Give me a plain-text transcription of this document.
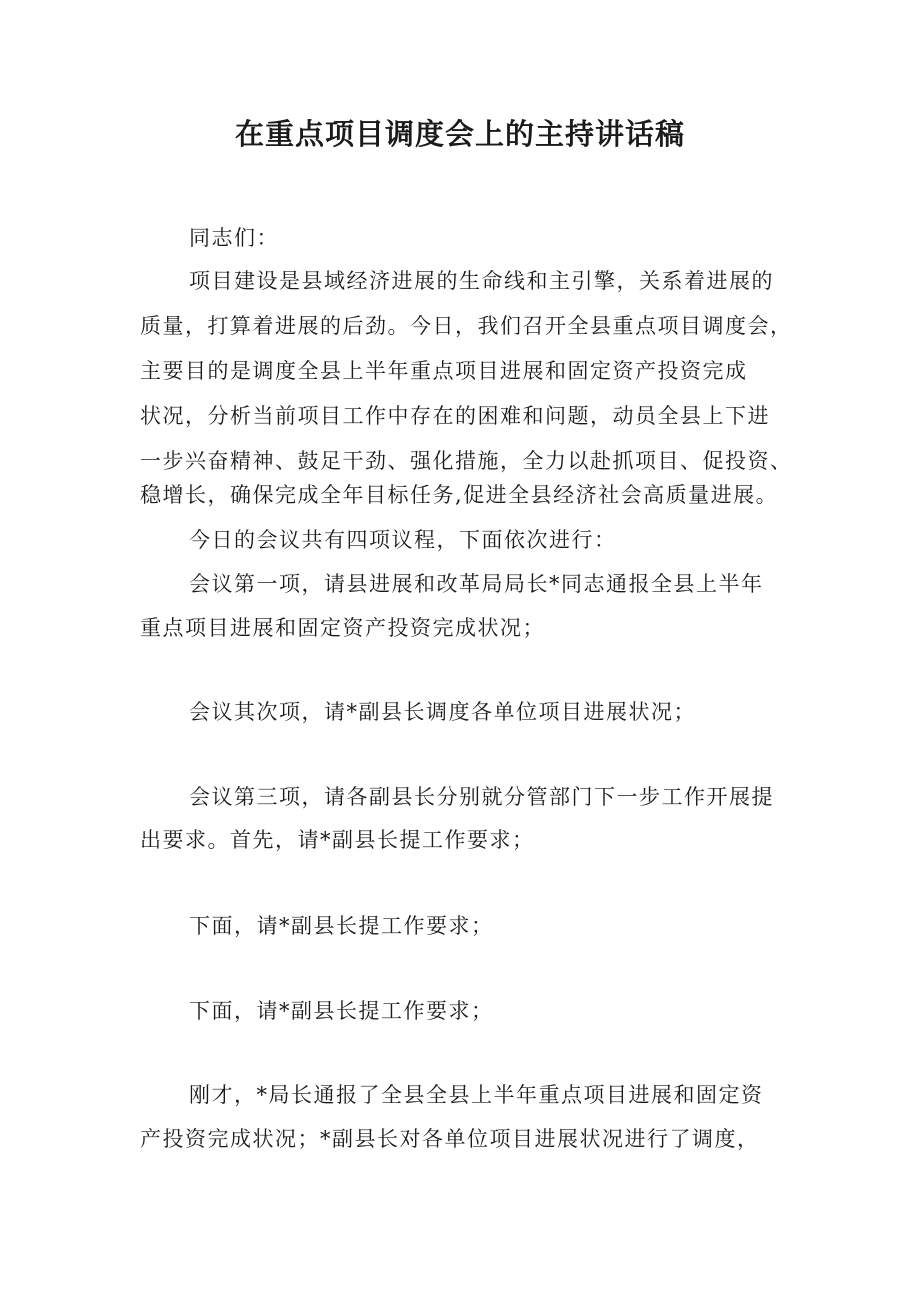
在重点项目调度会上的主持讲话稿

同志们：

项目建设是县域经济进展的生命线和主引擎，关系着进展的

质量，打算着进展的后劲。今日，我们召开全县重点项目调度会，

主要目的是调度全县上半年重点项目进展和固定资产投资完成

状况，分析当前项目工作中存在的困难和问题，动员全县上下进

一步兴奋精神、鼓足干劲、强化措施，全力以赴抓项目、促投资、

稳增长，确保完成全年目标任务,促进全县经济社会高质量进展。

今日的会议共有四项议程，下面依次进行：

会议第一项，请县进展和改革局局长*同志通报全县上半年

重点项目进展和固定资产投资完成状况；

会议其次项，请*副县长调度各单位项目进展状况；

会议第三项，请各副县长分别就分管部门下一步工作开展提

出要求。首先，请*副县长提工作要求；

下面，请*副县长提工作要求；

下面，请*副县长提工作要求；

刚才，*局长通报了全县全县上半年重点项目进展和固定资

产投资完成状况；*副县长对各单位项目进展状况进行了调度，
